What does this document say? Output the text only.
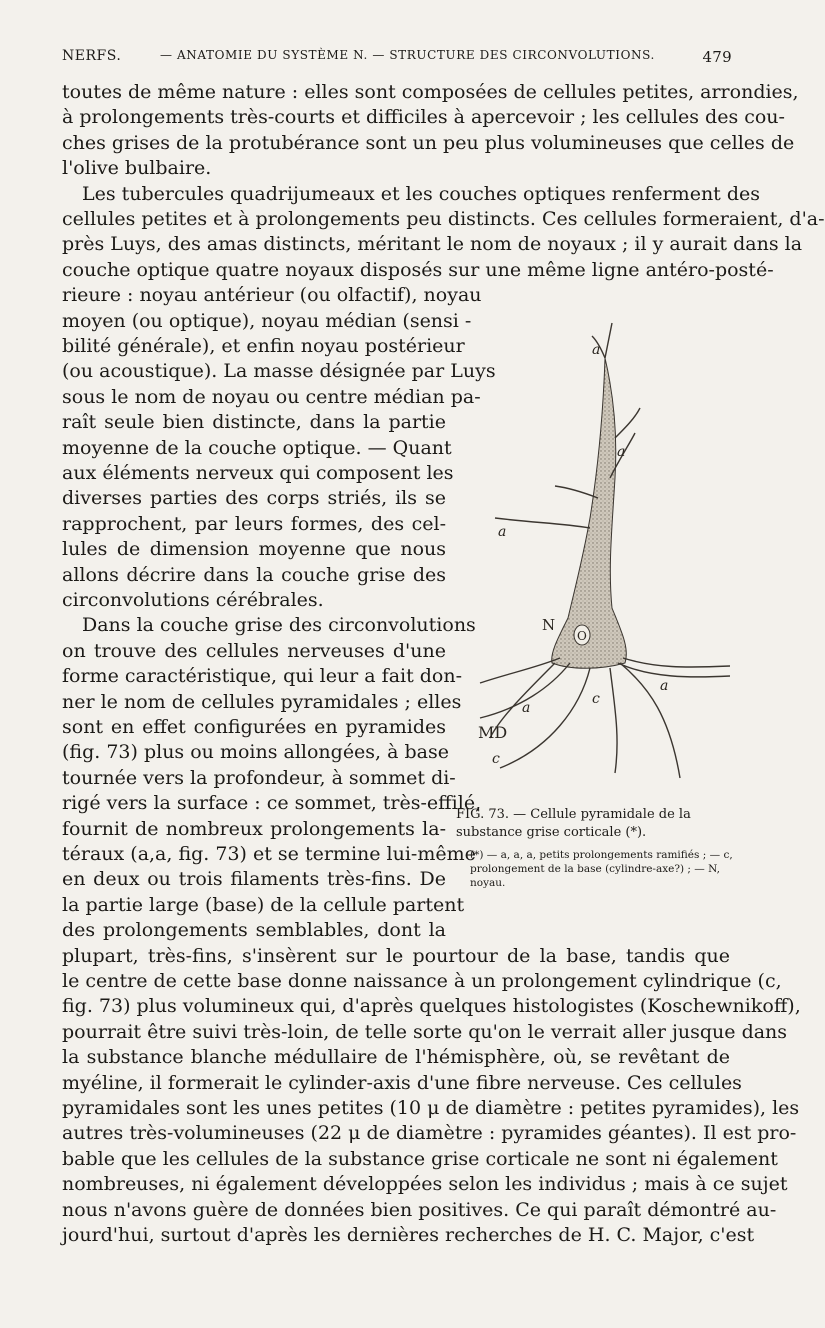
NERFS.	— ANATOMIE DU SYSTÈME N. — STRUCTURE DES CIRCONVOLUTIONS.	479
toutes de même nature : elles sont composées de cellules petites, arrondies,
à prolongements très-courts et difficiles à apercevoir ; les cellules des cou-
ches grises de la protubérance sont un peu plus volumineuses que celles de
l'olive bulbaire.
Les tubercules quadrijumeaux et les couches optiques renferment des
cellules petites et à prolongements peu distincts. Ces cellules formeraient, d'a-
près Luys, des amas distincts, méritant le nom de noyaux ; il y aurait dans la
couche optique quatre noyaux disposés sur une même ligne antéro-posté-
rieure : noyau antérieur (ou olfactif), noyau
moyen (ou optique), noyau médian (sensi -
bilité générale), et enfin noyau postérieur
(ou acoustique). La masse désignée par Luys
sous le nom de noyau ou centre médian pa-
raît seule bien distincte, dans la partie
moyenne de la couche optique. — Quant
aux éléments nerveux qui composent les
diverses parties des corps striés, ils se
rapprochent, par leurs formes, des cel-
lules de dimension moyenne que nous
allons décrire dans la couche grise des
circonvolutions cérébrales.
Dans la couche grise des circonvolutions
on trouve des cellules nerveuses d'une
forme caractéristique, qui leur a fait don-
ner le nom de cellules pyramidales ; elles
sont en effet configurées en pyramides
(fig. 73) plus ou moins allongées, à base
tournée vers la profondeur, à sommet di-
rigé vers la surface : ce sommet, très-effilé,
fournit de nombreux prolongements la-
téraux (a,a, fig. 73) et se termine lui-même
en deux ou trois filaments très-fins. De
la partie large (base) de la cellule partent
des prolongements semblables, dont la
plupart, très-fins, s'insèrent sur le pourtour de la base, tandis que
le centre de cette base donne naissance à un prolongement cylindrique (c,
fig. 73) plus volumineux qui, d'après quelques histologistes (Koschewnikoff),
pourrait être suivi très-loin, de telle sorte qu'on le verrait aller jusque dans
la substance blanche médullaire de l'hémisphère, où, se revêtant de
myéline, il formerait le cylinder-axis d'une fibre nerveuse. Ces cellules
pyramidales sont les unes petites (10 μ de diamètre : petites pyramides), les
autres très-volumineuses (22 μ de diamètre : pyramides géantes). Il est pro-
bable que les cellules de la substance grise corticale ne sont ni également
nombreuses, ni également développées selon les individus ; mais à ce sujet
nous n'avons guère de données bien positives. Ce qui paraît démontré au-
jourd'hui, surtout d'après les dernières recherches de H. C. Major, c'est
a
a
a
a
a
c
c
N
O
MD
FIG. 73. — Cellule pyramidale de la substance grise corticale (*).
(*) — a, a, a, petits prolongements ramifiés ; — c, prolongement de la base (cylindre-axe?) ; — N, noyau.
